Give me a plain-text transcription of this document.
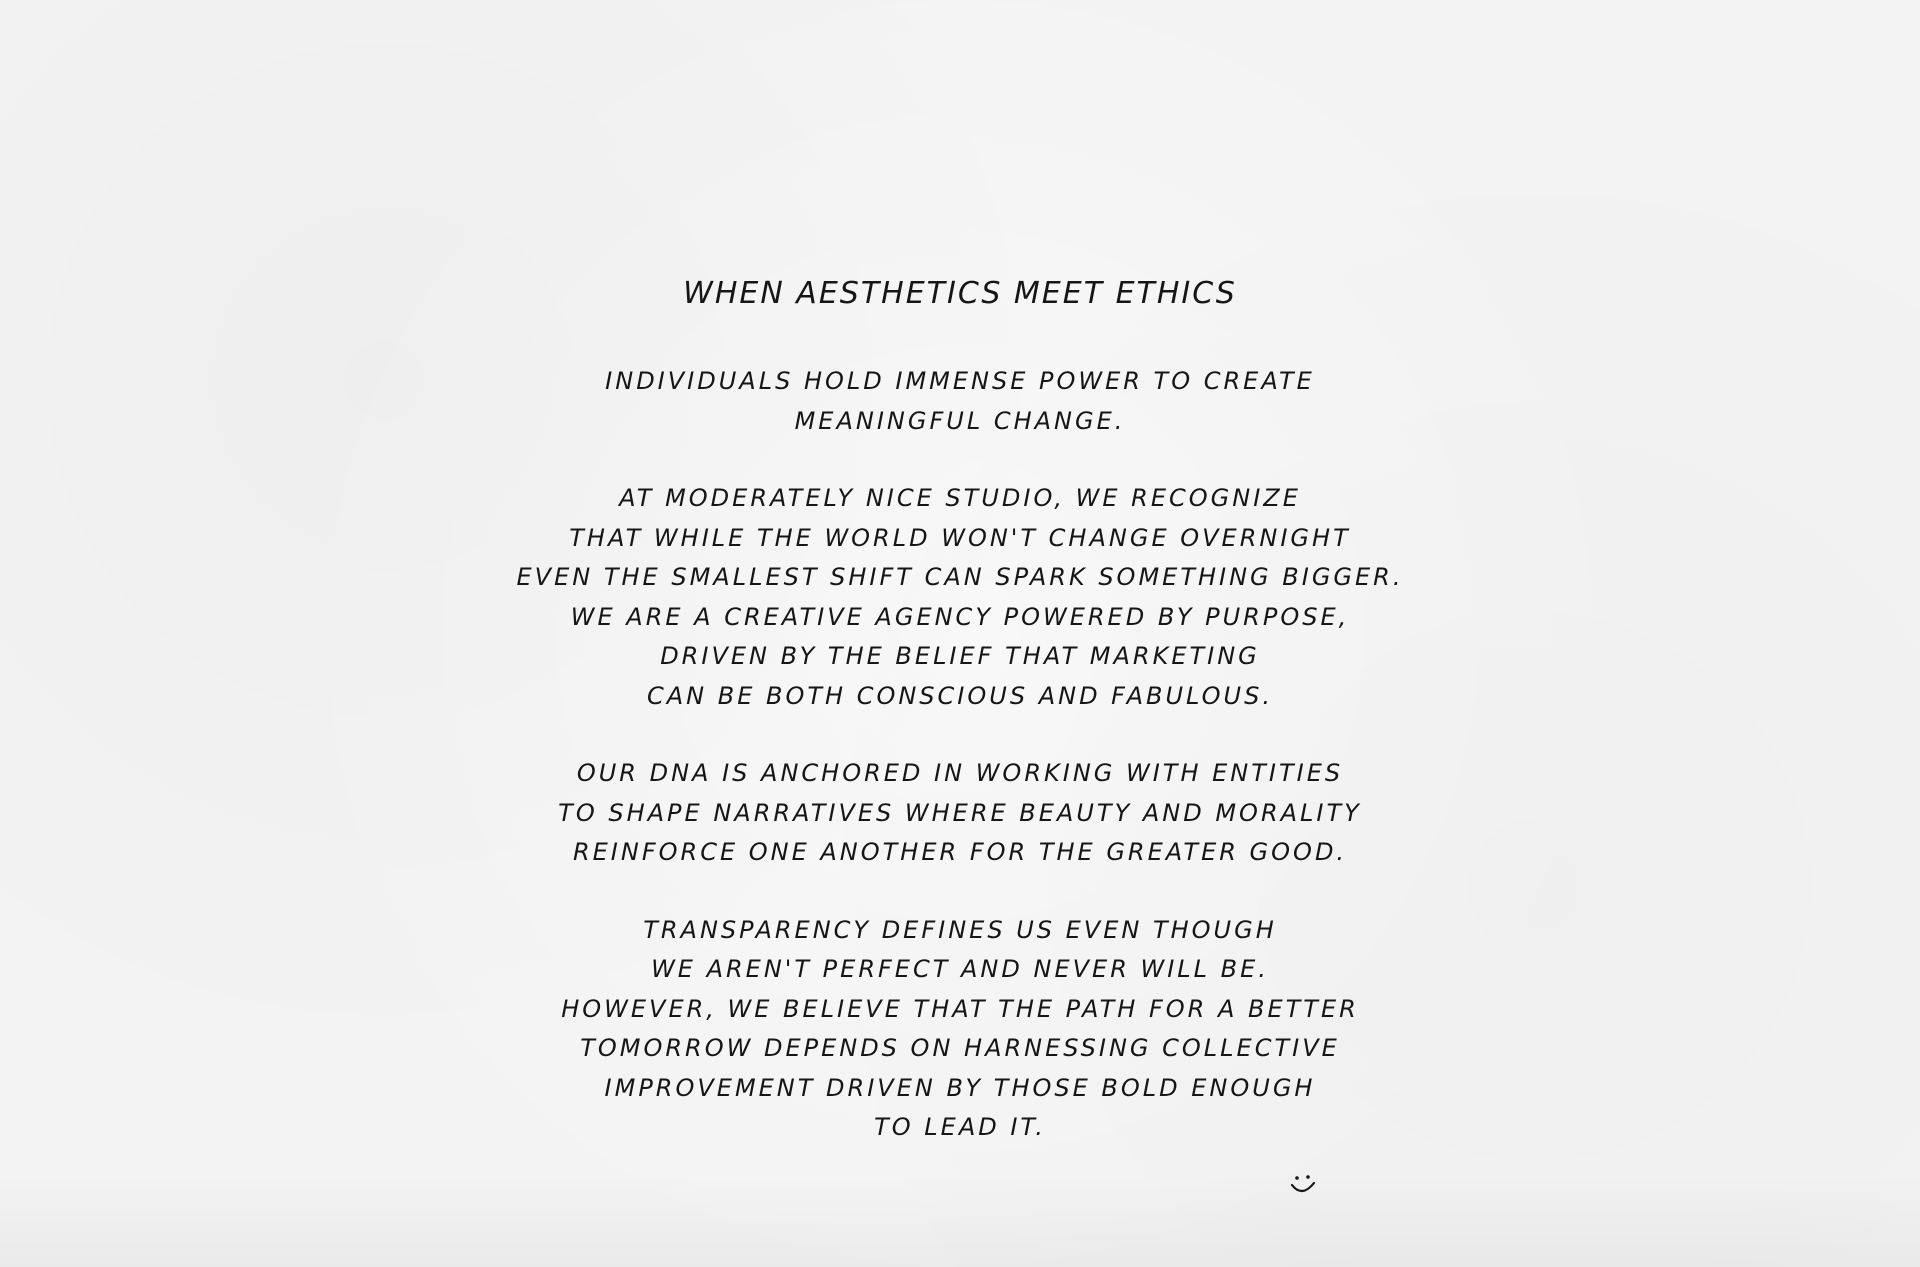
WHEN AESTHETICS MEET ETHICS
INDIVIDUALS HOLD IMMENSE POWER TO CREATE
MEANINGFUL CHANGE.
AT MODERATELY NICE STUDIO, WE RECOGNIZE
THAT WHILE THE WORLD WON'T CHANGE OVERNIGHT
EVEN THE SMALLEST SHIFT CAN SPARK SOMETHING BIGGER.
WE ARE A CREATIVE AGENCY POWERED BY PURPOSE,
DRIVEN BY THE BELIEF THAT MARKETING
CAN BE BOTH CONSCIOUS AND FABULOUS.
OUR DNA IS ANCHORED IN WORKING WITH ENTITIES
TO SHAPE NARRATIVES WHERE BEAUTY AND MORALITY
REINFORCE ONE ANOTHER FOR THE GREATER GOOD.
TRANSPARENCY DEFINES US EVEN THOUGH
WE AREN'T PERFECT AND NEVER WILL BE.
HOWEVER, WE BELIEVE THAT THE PATH FOR A BETTER
TOMORROW DEPENDS ON HARNESSING COLLECTIVE
IMPROVEMENT DRIVEN BY THOSE BOLD ENOUGH
TO LEAD IT.
